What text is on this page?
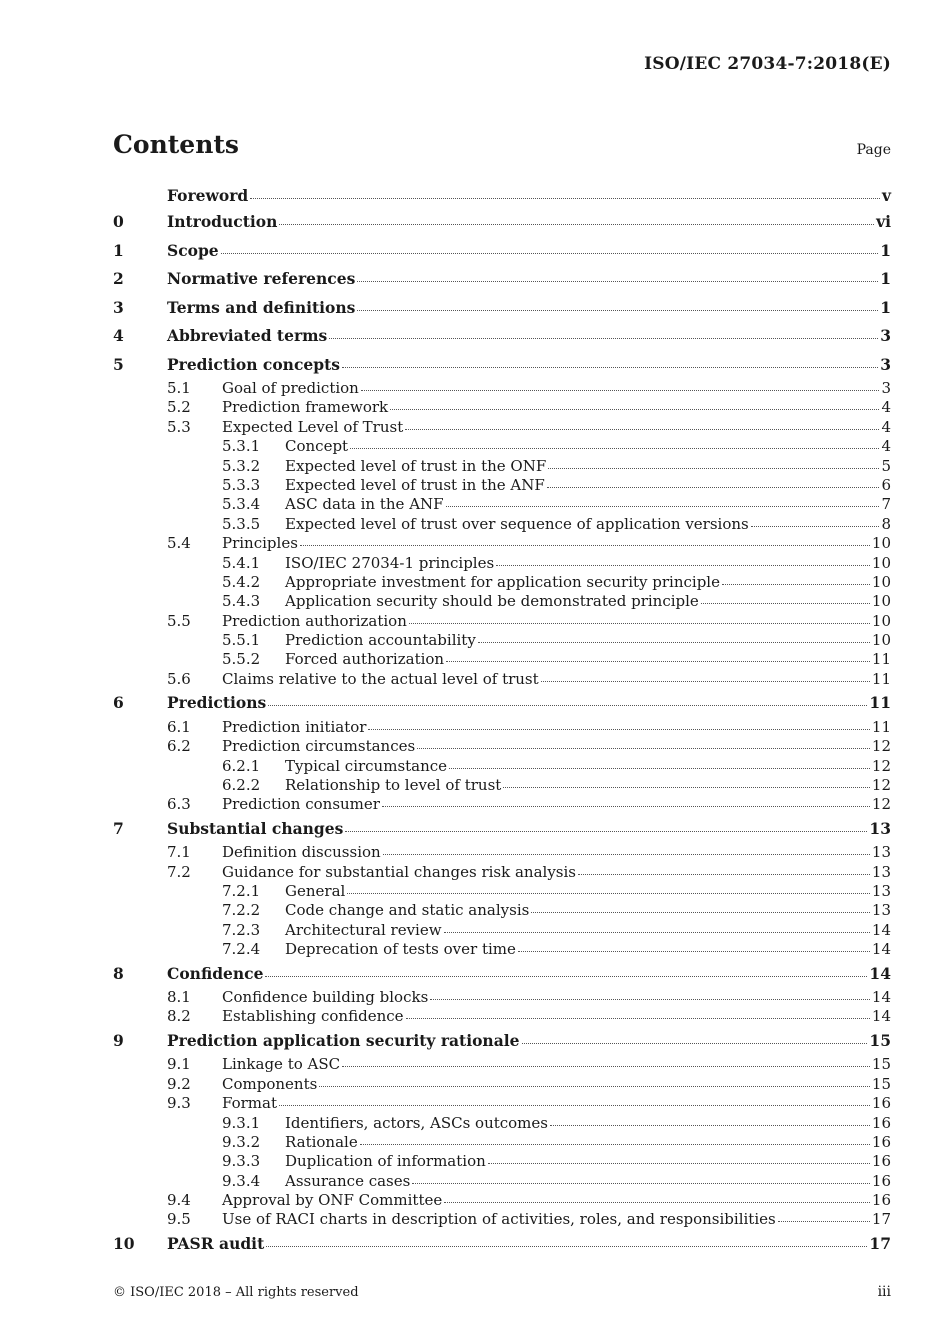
ISO/IEC 27034-7:2018(E)
Contents	Page
Foreword	v
0	Introduction	vi
1	Scope	1
2	Normative references	1
3	Terms and definitions	1
4	Abbreviated terms	3
5	Prediction concepts	3
5.1	Goal of prediction	3
5.2	Prediction framework	4
5.3	Expected Level of Trust	4
5.3.1	Concept	4
5.3.2	Expected level of trust in the ONF	5
5.3.3	Expected level of trust in the ANF	6
5.3.4	ASC data in the ANF	7
5.3.5	Expected level of trust over sequence of application versions	8
5.4	Principles	10
5.4.1	ISO/IEC 27034-1 principles	10
5.4.2	Appropriate investment for application security principle	10
5.4.3	Application security should be demonstrated principle	10
5.5	Prediction authorization	10
5.5.1	Prediction accountability	10
5.5.2	Forced authorization	11
5.6	Claims relative to the actual level of trust	11
6	Predictions	11
6.1	Prediction initiator	11
6.2	Prediction circumstances	12
6.2.1	Typical circumstance	12
6.2.2	Relationship to level of trust	12
6.3	Prediction consumer	12
7	Substantial changes	13
7.1	Definition discussion	13
7.2	Guidance for substantial changes risk analysis	13
7.2.1	General	13
7.2.2	Code change and static analysis	13
7.2.3	Architectural review	14
7.2.4	Deprecation of tests over time	14
8	Confidence	14
8.1	Confidence building blocks	14
8.2	Establishing confidence	14
9	Prediction application security rationale	15
9.1	Linkage to ASC	15
9.2	Components	15
9.3	Format	16
9.3.1	Identifiers, actors, ASCs outcomes	16
9.3.2	Rationale	16
9.3.3	Duplication of information	16
9.3.4	Assurance cases	16
9.4	Approval by ONF Committee	16
9.5	Use of RACI charts in description of activities, roles, and responsibilities	17
10	PASR audit	17
© ISO/IEC 2018 – All rights reserved	iii
